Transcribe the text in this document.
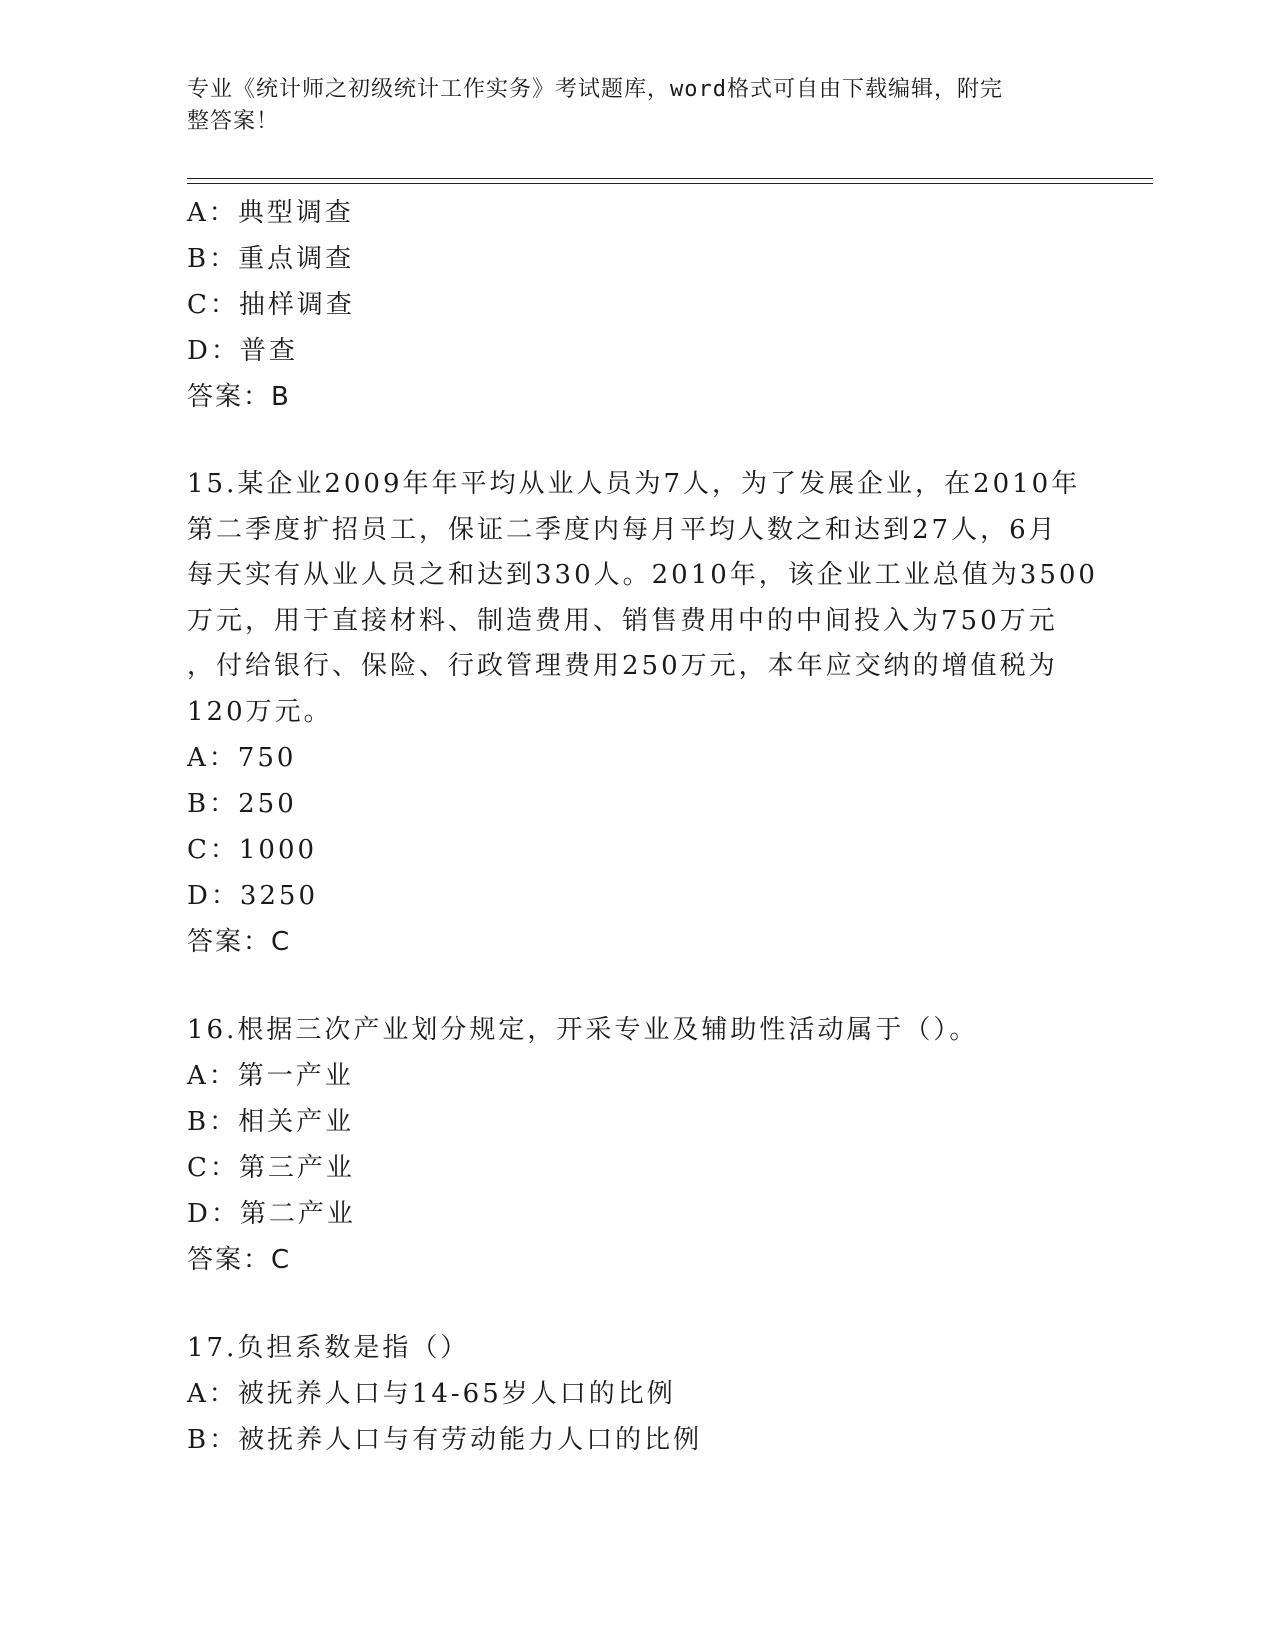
专业《统计师之初级统计工作实务》考试题库，word格式可自由下载编辑，附完
整答案！
A：典型调查
B：重点调查
C：抽样调查
D：普查
答案：B
15.某企业2009年年平均从业人员为7人，为了发展企业，在2010年
第二季度扩招员工，保证二季度内每月平均人数之和达到27人，6月
每天实有从业人员之和达到330人。2010年，该企业工业总值为3500
万元，用于直接材料、制造费用、销售费用中的中间投入为750万元
，付给银行、保险、行政管理费用250万元，本年应交纳的增值税为
120万元。
A：750
B：250
C：1000
D：3250
答案：C
16.根据三次产业划分规定，开采专业及辅助性活动属于（）。
A：第一产业
B：相关产业
C：第三产业
D：第二产业
答案：C
17.负担系数是指（）
A：被抚养人口与14-65岁人口的比例
B：被抚养人口与有劳动能力人口的比例
